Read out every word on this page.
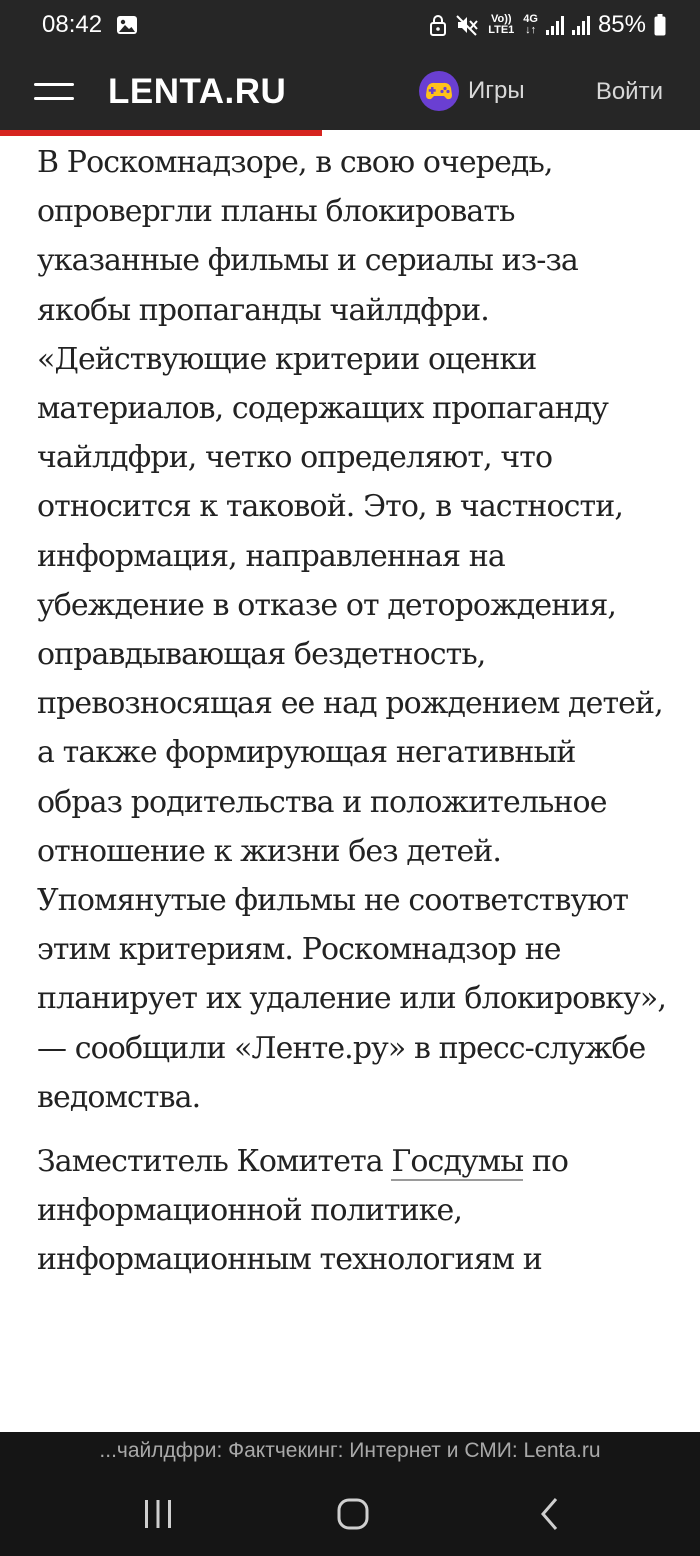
08:42	Vo)) LTE1
4G
↓↑	85%
LENTA.RU	Игры	Войти

В Роскомнадзоре, в свою очередь, опровергли планы блокировать указанные фильмы и сериалы из-за якобы пропаганды чайлдфри. «Действующие критерии оценки материалов, содержащих пропаганду чайлдфри, четко определяют, что относится к таковой. Это, в частности, информация, направленная на убеждение в отказе от деторождения, оправдывающая бездетность, превозносящая ее над рождением детей, а также формирующая негативный образ родительства и положительное отношение к жизни без детей. Упомянутые фильмы не соответствуют этим критериям. Роскомнадзор не планирует их удаление или блокировку», — сообщили «Ленте.ру» в пресс-службе ведомства.

Заместитель Комитета Госдумы по информационной политике, информационным технологиям и

...чайлдфри: Фактчекинг: Интернет и СМИ: Lenta.ru
